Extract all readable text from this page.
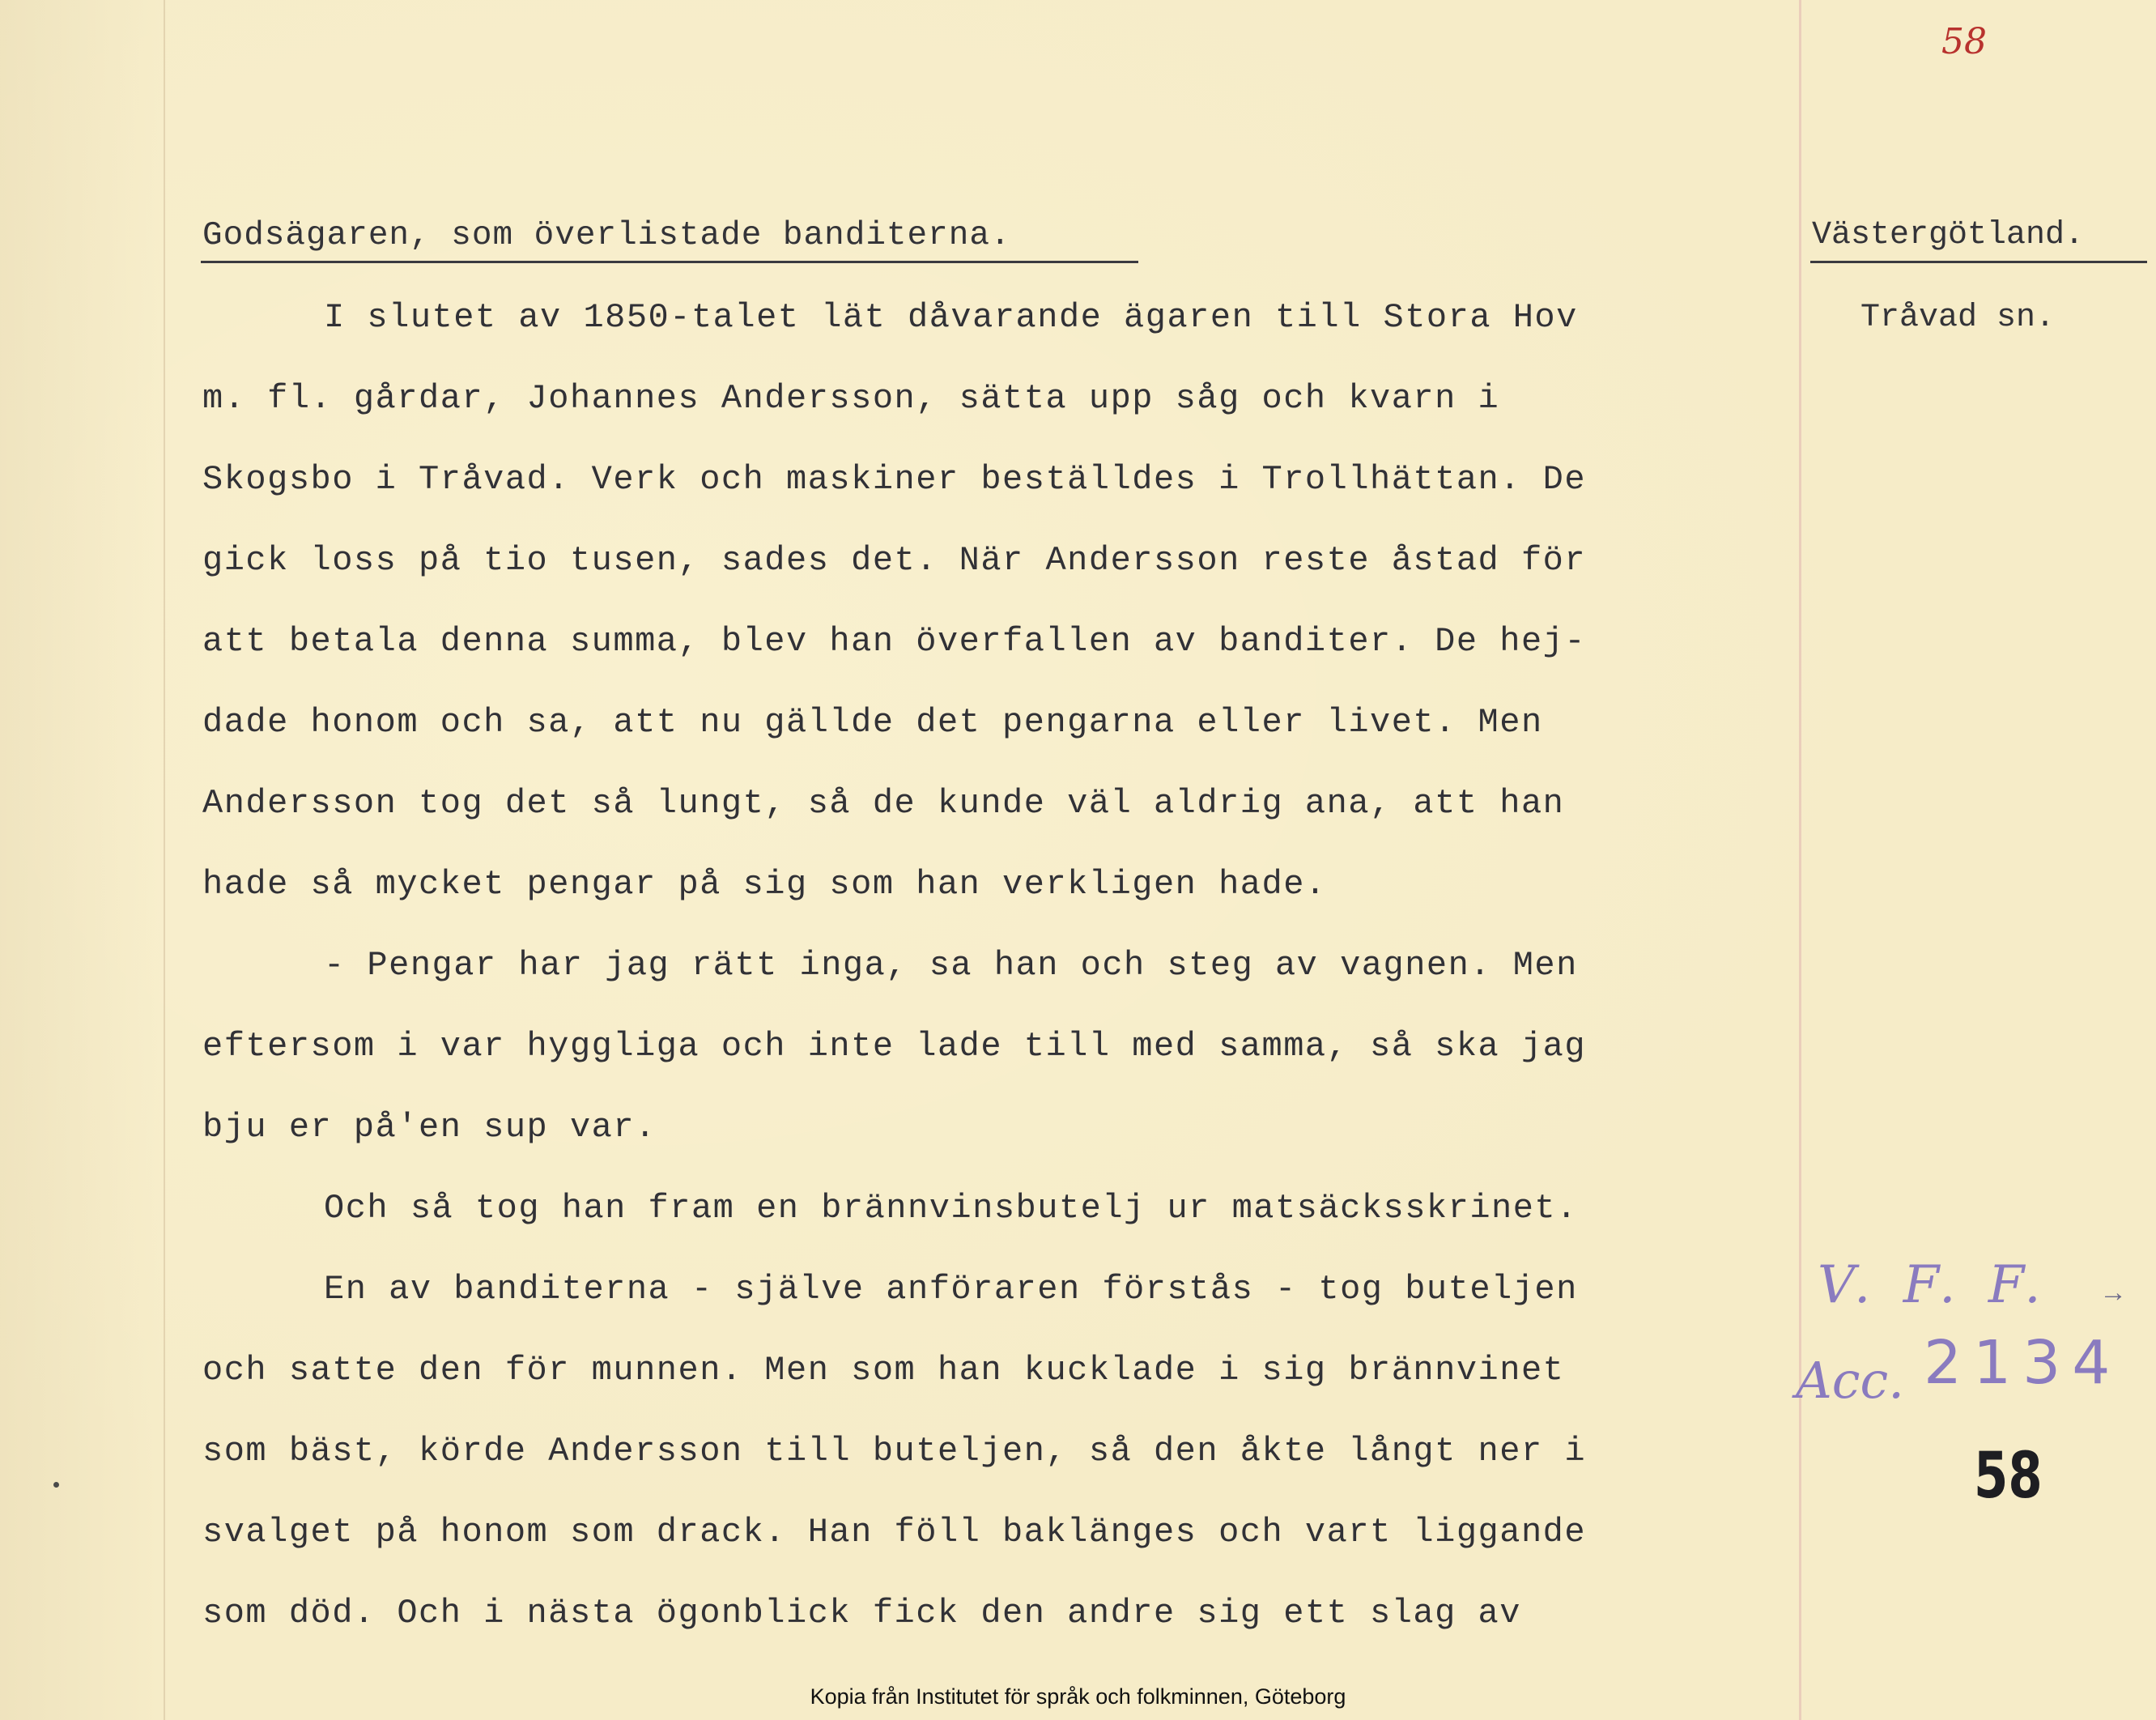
58
Godsägaren, som överlistade banditerna.	Västergötland.
Tråvad sn.
I slutet av 1850-talet lät dåvarande ägaren till Stora Hov
m. fl. gårdar, Johannes Andersson, sätta upp såg och kvarn i
Skogsbo i Tråvad. Verk och maskiner beställdes i Trollhättan. De
gick loss på tio tusen, sades det. När Andersson reste åstad för
att betala denna summa, blev han överfallen av banditer. De hej-
dade honom och sa, att nu gällde det pengarna eller livet. Men
Andersson tog det så lungt, så de kunde väl aldrig ana, att han
hade så mycket pengar på sig som han verkligen hade.
- Pengar har jag rätt inga, sa han och steg av vagnen. Men
eftersom i var hyggliga och inte lade till med samma, så ska jag
bju er på'en sup var.
Och så tog han fram en brännvinsbutelj ur matsäcksskrinet.
En av banditerna - själve anföraren förstås - tog buteljen
och satte den för munnen. Men som han kucklade i sig brännvinet
som bäst, körde Andersson till buteljen, så den åkte långt ner i
svalget på honom som drack. Han föll baklänges och vart liggande
som död. Och i nästa ögonblick fick den andre sig ett slag av
V. F. F. →
Acc. 2134
58
Kopia från Institutet för språk och folkminnen, Göteborg
